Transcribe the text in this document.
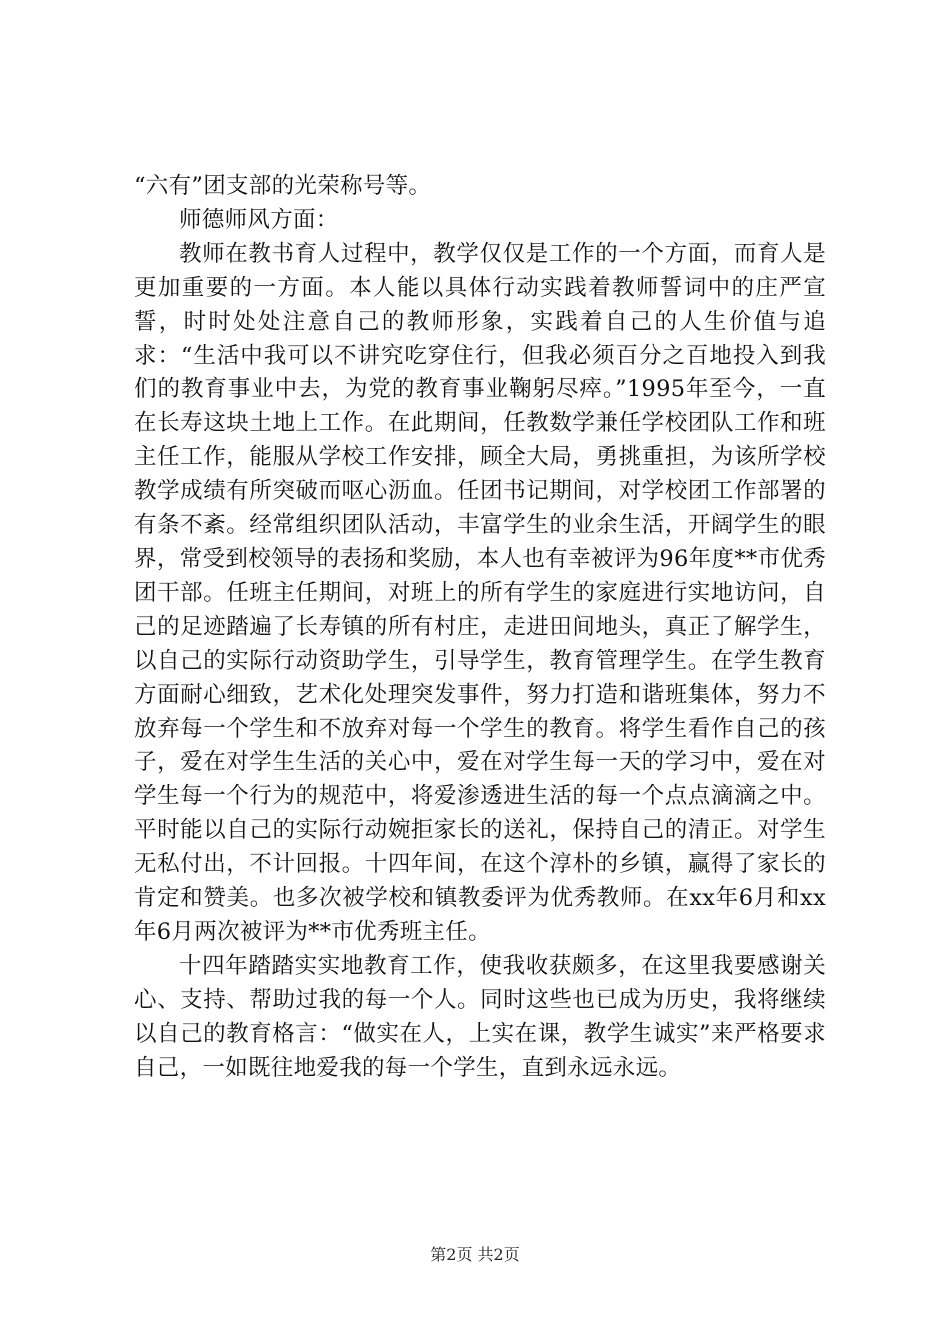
“六有”团支部的光荣称号等。

师德师风方面：

教师在教书育人过程中，教学仅仅是工作的一个方面，而育人是更加重要的一方面。本人能以具体行动实践着教师誓词中的庄严宣誓，时时处处注意自己的教师形象，实践着自己的人生价值与追求：“生活中我可以不讲究吃穿住行，但我必须百分之百地投入到我们的教育事业中去，为党的教育事业鞠躬尽瘁。”1995年至今，一直在长寿这块土地上工作。在此期间，任教数学兼任学校团队工作和班主任工作，能服从学校工作安排，顾全大局，勇挑重担，为该所学校教学成绩有所突破而呕心沥血。任团书记期间，对学校团工作部署的有条不紊。经常组织团队活动，丰富学生的业余生活，开阔学生的眼界，常受到校领导的表扬和奖励，本人也有幸被评为96年度**市优秀团干部。任班主任期间，对班上的所有学生的家庭进行实地访问，自己的足迹踏遍了长寿镇的所有村庄，走进田间地头，真正了解学生，以自己的实际行动资助学生，引导学生，教育管理学生。在学生教育方面耐心细致，艺术化处理突发事件，努力打造和谐班集体，努力不放弃每一个学生和不放弃对每一个学生的教育。将学生看作自己的孩子，爱在对学生生活的关心中，爱在对学生每一天的学习中，爱在对学生每一个行为的规范中，将爱渗透进生活的每一个点点滴滴之中。平时能以自己的实际行动婉拒家长的送礼，保持自己的清正。对学生无私付出，不计回报。十四年间，在这个淳朴的乡镇，赢得了家长的肯定和赞美。也多次被学校和镇教委评为优秀教师。在xx年6月和xx年6月两次被评为**市优秀班主任。

十四年踏踏实实地教育工作，使我收获颇多，在这里我要感谢关心、支持、帮助过我的每一个人。同时这些也已成为历史，我将继续以自己的教育格言：“做实在人，上实在课，教学生诚实”来严格要求自己，一如既往地爱我的每一个学生，直到永远永远。

第2页 共2页
